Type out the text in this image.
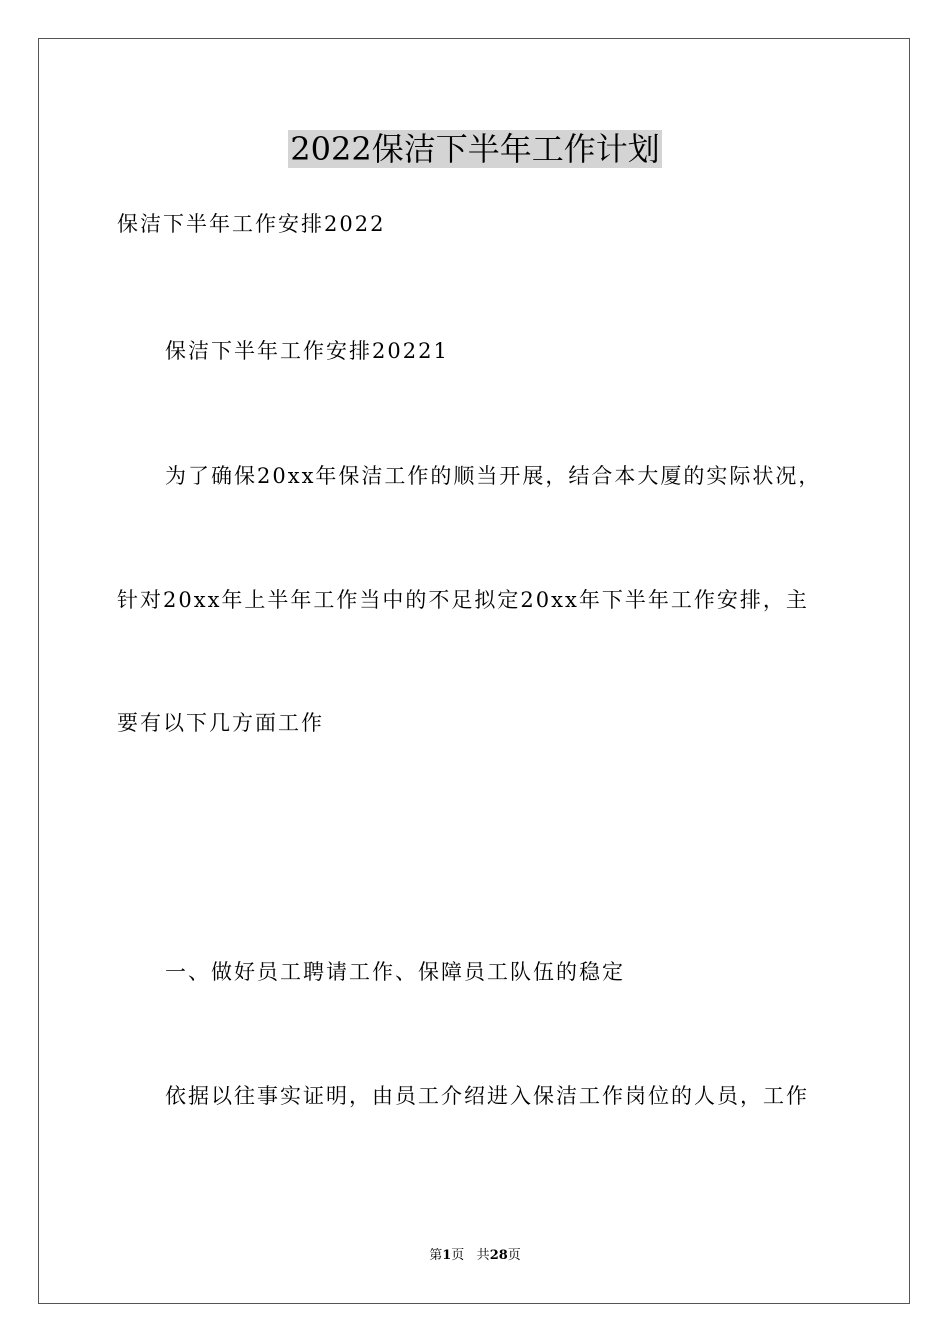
2022保洁下半年工作计划
保洁下半年工作安排2022
保洁下半年工作安排20221
为了确保20xx年保洁工作的顺当开展，结合本大厦的实际状况，
针对20xx年上半年工作当中的不足拟定20xx年下半年工作安排，主
要有以下几方面工作
一、做好员工聘请工作、保障员工队伍的稳定
依据以往事实证明，由员工介绍进入保洁工作岗位的人员，工作
第1页 共28页
